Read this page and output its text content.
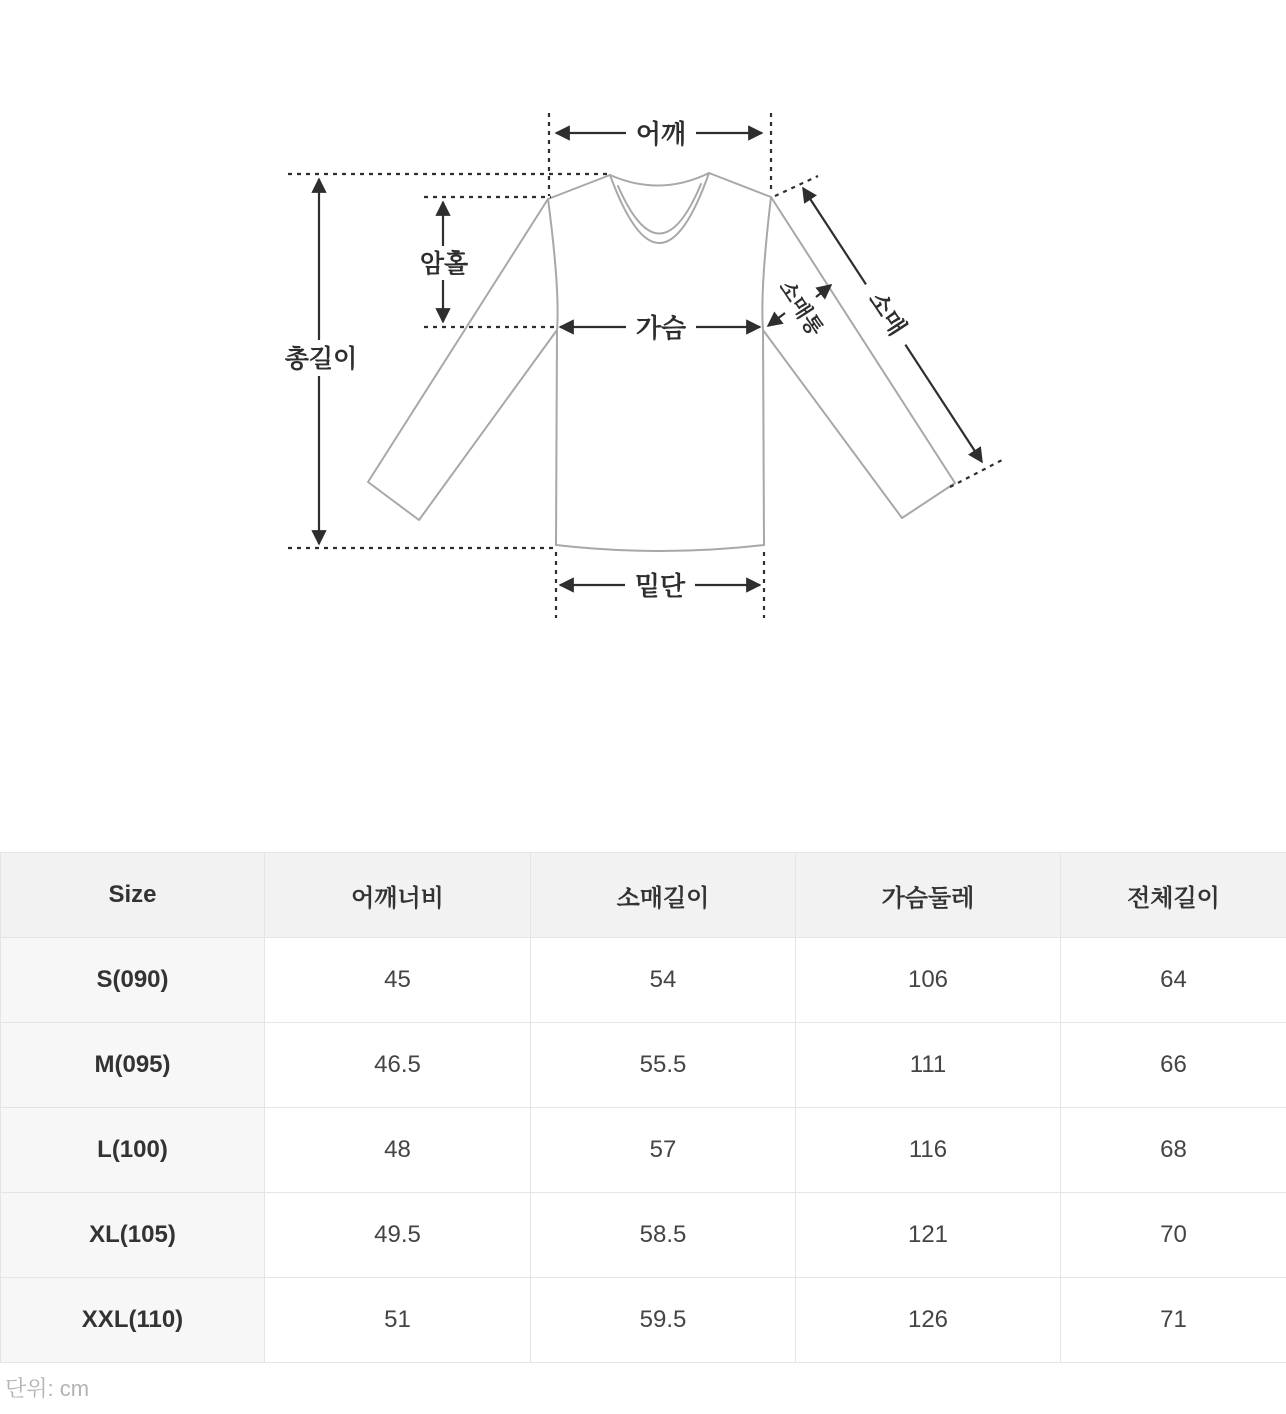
어깨
총길이
암홀
가슴
밑단
소매
소매통
Size	어깨너비	소매길이	가슴둘레	전체길이
S(090)	45	54	106	64
M(095)	46.5	55.5	111	66
L(100)	48	57	116	68
XL(105)	49.5	58.5	121	70
XXL(110)	51	59.5	126	71
단위: cm
